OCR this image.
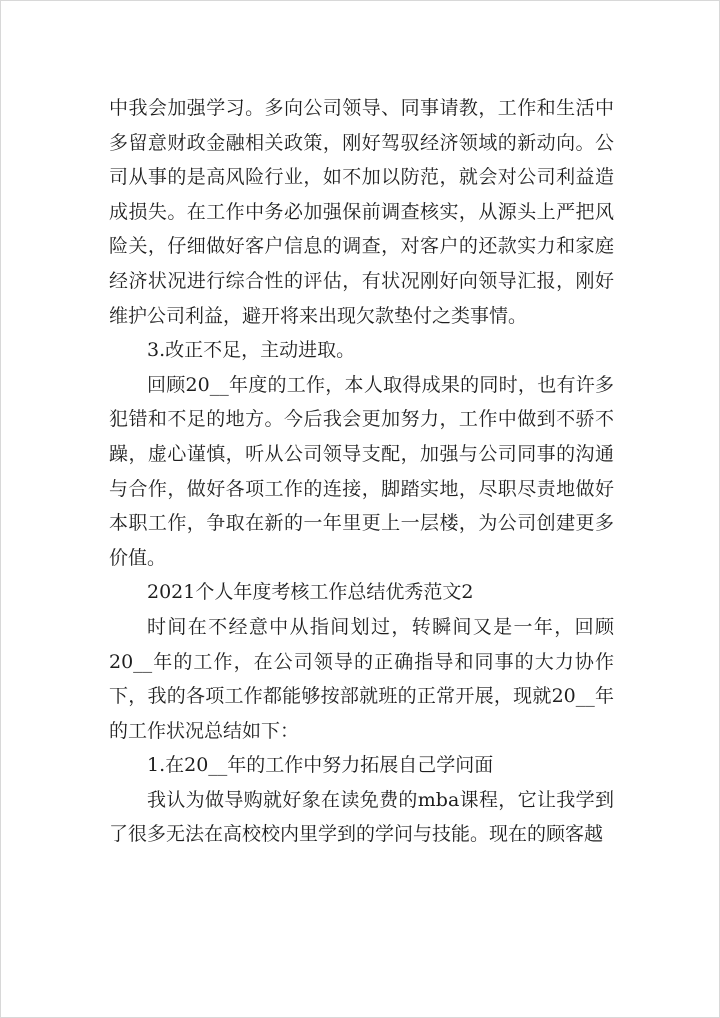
中我会加强学习。多向公司领导、同事请教，工作和生活中多留意财政金融相关政策，刚好驾驭经济领域的新动向。公司从事的是高风险行业，如不加以防范，就会对公司利益造成损失。在工作中务必加强保前调查核实，从源头上严把风险关，仔细做好客户信息的调查，对客户的还款实力和家庭经济状况进行综合性的评估，有状况刚好向领导汇报，刚好维护公司利益，避开将来出现欠款垫付之类事情。

3.改正不足，主动进取。

回顾20__年度的工作，本人取得成果的同时，也有许多犯错和不足的地方。今后我会更加努力，工作中做到不骄不躁，虚心谨慎，听从公司领导支配，加强与公司同事的沟通与合作，做好各项工作的连接，脚踏实地，尽职尽责地做好本职工作，争取在新的一年里更上一层楼，为公司创建更多价值。

2021个人年度考核工作总结优秀范文2

时间在不经意中从指间划过，转瞬间又是一年，回顾20__年的工作，在公司领导的正确指导和同事的大力协作下，我的各项工作都能够按部就班的正常开展，现就20__年的工作状况总结如下：

1.在20__年的工作中努力拓展自己学问面

我认为做导购就好象在读免费的mba课程，它让我学到了很多无法在高校校内里学到的学问与技能。现在的顾客越
